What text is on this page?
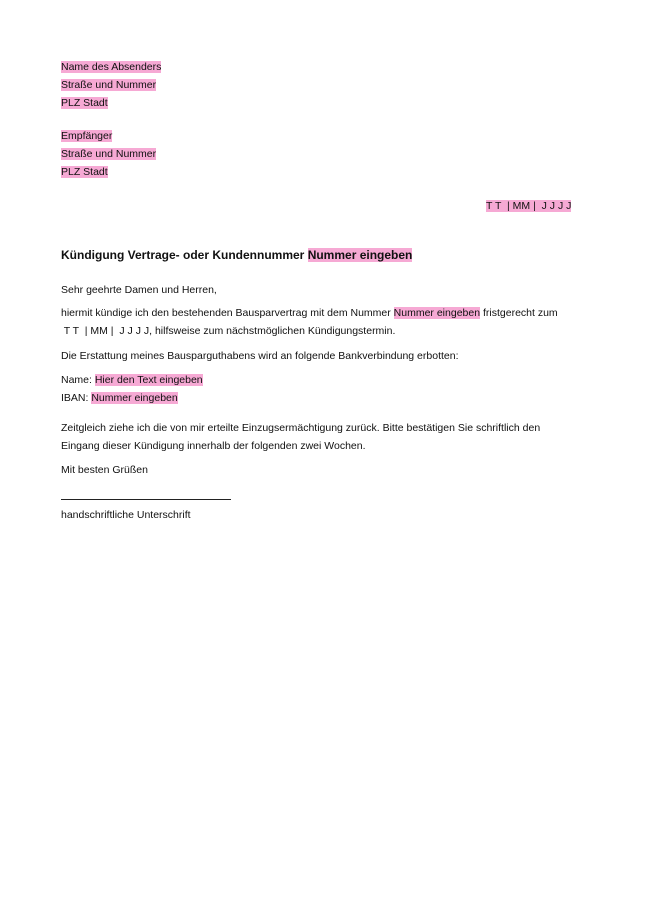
Name des Absenders
Straße und Nummer
PLZ Stadt
Empfänger
Straße und Nummer
PLZ Stadt
T T  | MM |  J J J J
Kündigung Vertrage- oder Kundennummer Nummer eingeben
Sehr geehrte Damen und Herren,
hiermit kündige ich den bestehenden Bausparvertrag mit dem Nummer Nummer eingeben fristgerecht zum
T T  | MM |  J J J J, hilfsweise zum nächstmöglichen Kündigungstermin.
Die Erstattung meines Bausparguthabens wird an folgende Bankverbindung erbotten:
Name: Hier den Text eingeben
IBAN: Nummer eingeben
Zeitgleich ziehe ich die von mir erteilte Einzugsermächtigung zurück. Bitte bestätigen Sie schriftlich den
Eingang dieser Kündigung innerhalb der folgenden zwei Wochen.
Mit besten Grüßen
handschriftliche Unterschrift
